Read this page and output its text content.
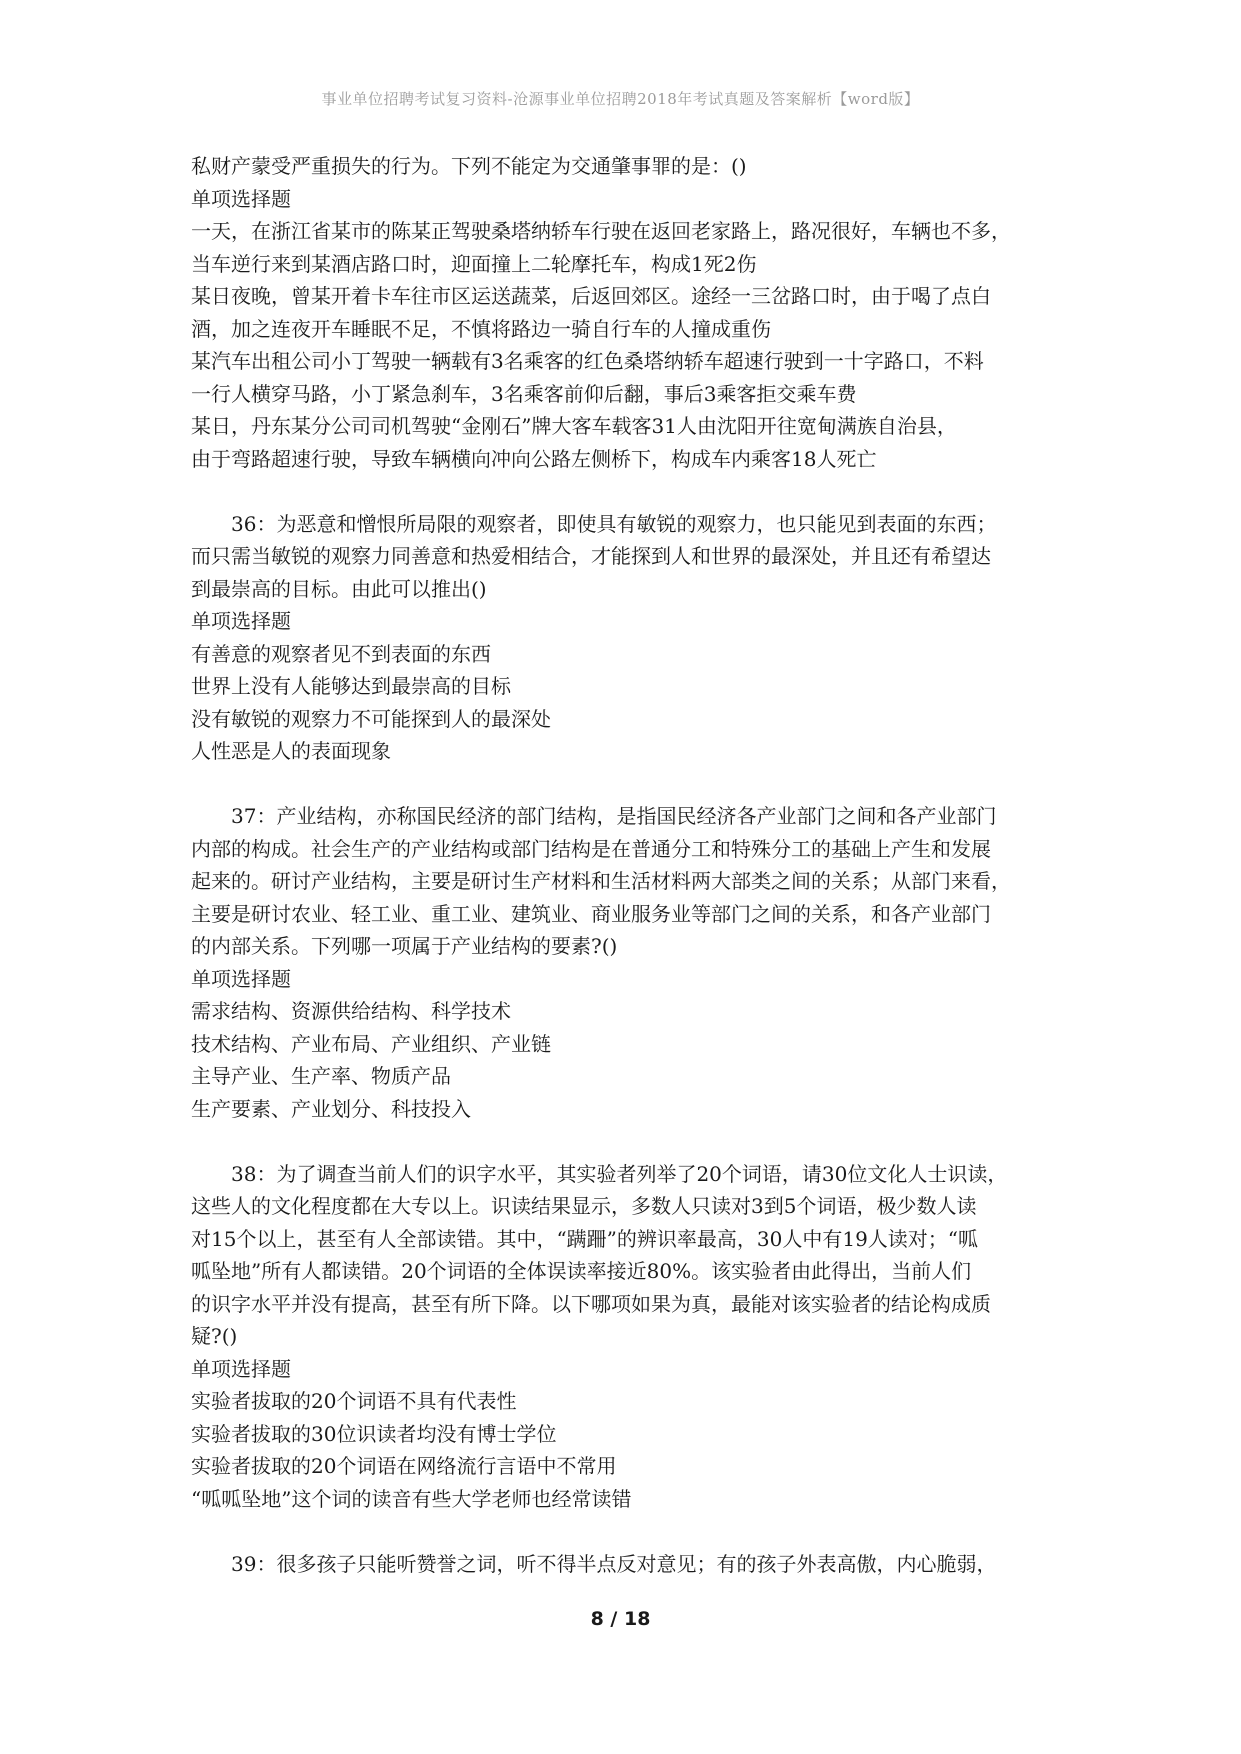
事业单位招聘考试复习资料-沧源事业单位招聘2018年考试真题及答案解析【word版】
私财产蒙受严重损失的行为。下列不能定为交通肇事罪的是：()
单项选择题
一天，在浙江省某市的陈某正驾驶桑塔纳轿车行驶在返回老家路上，路况很好，车辆也不多，
当车逆行来到某酒店路口时，迎面撞上二轮摩托车，构成1死2伤
某日夜晚，曾某开着卡车往市区运送蔬菜，后返回郊区。途经一三岔路口时，由于喝了点白
酒，加之连夜开车睡眠不足，不慎将路边一骑自行车的人撞成重伤
某汽车出租公司小丁驾驶一辆载有3名乘客的红色桑塔纳轿车超速行驶到一十字路口，不料
一行人横穿马路，小丁紧急刹车，3名乘客前仰后翻，事后3乘客拒交乘车费
某日，丹东某分公司司机驾驶“金刚石”牌大客车载客31人由沈阳开往宽甸满族自治县，
由于弯路超速行驶，导致车辆横向冲向公路左侧桥下，构成车内乘客18人死亡
36：为恶意和憎恨所局限的观察者，即使具有敏锐的观察力，也只能见到表面的东西；
而只需当敏锐的观察力同善意和热爱相结合，才能探到人和世界的最深处，并且还有希望达
到最崇高的目标。由此可以推出()
单项选择题
有善意的观察者见不到表面的东西
世界上没有人能够达到最崇高的目标
没有敏锐的观察力不可能探到人的最深处
人性恶是人的表面现象
37：产业结构，亦称国民经济的部门结构，是指国民经济各产业部门之间和各产业部门
内部的构成。社会生产的产业结构或部门结构是在普通分工和特殊分工的基础上产生和发展
起来的。研讨产业结构，主要是研讨生产材料和生活材料两大部类之间的关系；从部门来看，
主要是研讨农业、轻工业、重工业、建筑业、商业服务业等部门之间的关系，和各产业部门
的内部关系。下列哪一项属于产业结构的要素?()
单项选择题
需求结构、资源供给结构、科学技术
技术结构、产业布局、产业组织、产业链
主导产业、生产率、物质产品
生产要素、产业划分、科技投入
38：为了调查当前人们的识字水平，其实验者列举了20个词语，请30位文化人士识读，
这些人的文化程度都在大专以上。识读结果显示，多数人只读对3到5个词语，极少数人读
对15个以上，甚至有人全部读错。其中，“蹒跚”的辨识率最高，30人中有19人读对；“呱
呱坠地”所有人都读错。20个词语的全体误读率接近80%。该实验者由此得出，当前人们
的识字水平并没有提高，甚至有所下降。以下哪项如果为真，最能对该实验者的结论构成质
疑?()
单项选择题
实验者拔取的20个词语不具有代表性
实验者拔取的30位识读者均没有博士学位
实验者拔取的20个词语在网络流行言语中不常用
“呱呱坠地”这个词的读音有些大学老师也经常读错
39：很多孩子只能听赞誉之词，听不得半点反对意见；有的孩子外表高傲，内心脆弱，
8 / 18
